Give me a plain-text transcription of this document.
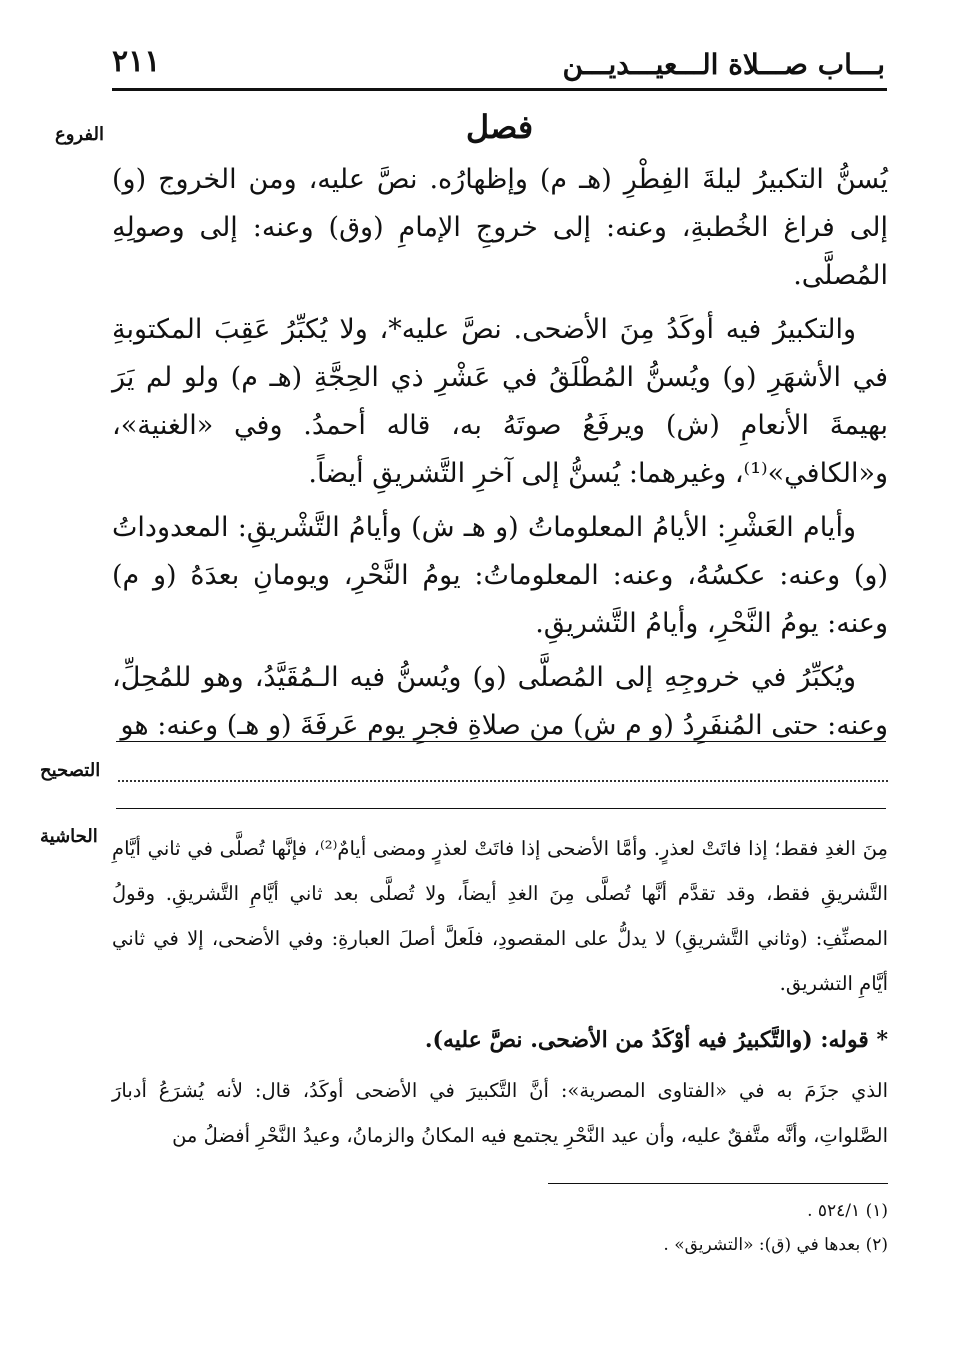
بـــاب صـــلاة الـــعيـــديـــن
٢١١
الفروع	فصل

يُسنُّ التكبيرُ ليلةَ الفِطْرِ (هـ م) وإظهارُه. نصَّ عليه، ومن الخروج (و) إلى فراغ الخُطبةِ، وعنه: إلى خروجِ الإمامِ (وق) وعنه: إلى وصولِهِ المُصلَّى.

والتكبيرُ فيه أوكَدُ مِنَ الأضحى. نصَّ عليه*، ولا يُكبِّرُ عَقِبَ المكتوبةِ في الأشهَرِ (و) ويُسنُّ المُطْلَقُ في عَشْرِ ذي الحِجَّةِ (هـ م) ولو لم يَرَ بهيمةَ الأنعامِ (ش) ويرفَعُ صوتَهُ به، قاله أحمدُ. وفي «الغنية»، و«الكافي»⁽¹⁾، وغيرهما: يُسنُّ إلى آخرِ التَّشريقِ أيضاً.

وأيام العَشْرِ: الأيامُ المعلوماتُ (و هـ ش) وأيامُ التَّشْريقِ: المعدوداتُ (و) وعنه: عكسُهُ، وعنه: المعلوماتُ: يومُ النَّحْرِ، ويومانِ بعدَهُ (و م) وعنه: يومُ النَّحْرِ، وأيامُ التَّشريقِ.

ويُكبِّرُ في خروجِهِ إلى المُصلَّى (و) ويُسنُّ فيه الـمُقَيَّدُ، وهو للمُحِلِّ، وعنه: حتى المُنفَرِدُ (و م ش) من صلاةِ فجرِ يوم عَرفَةَ (و هـ) وعنه: هو

التصحيح
الحاشية

مِنَ الغدِ فقط؛ إذا فاتَتْ لعذرٍ. وأمَّا الأضحى إذا فاتَتْ لعذرٍ ومضى أيامٌ⁽²⁾، فإنَّها تُصلَّى في ثاني أيَّامِ التَّشريقِ فقط، وقد تقدَّم أنَّها تُصلَّى مِنَ الغدِ أيضاً، ولا تُصلَّى بعد ثاني أيَّامِ التَّشريقِ. وقولُ المصنِّفِ: (وثاني التَّشريقِ) لا يدلُّ على المقصودِ، فلَعلَّ أصلَ العبارةِ: وفي الأضحى، إلا في ثاني أيَّامِ التشريق.

* قوله: (والتَّكبيرُ فيه أوْكَدُ من الأضحى. نصَّ عليه).
الذي جزَمَ به في «الفتاوى المصرية»: أنَّ التَّكبيرَ في الأضحى أوكَدُ، قال: لأنه يُشرَعُ أدبارَ الصَّلواتِ، وأنَّه متَّفقٌ عليه، وأن عيد النَّحْرِ يجتمع فيه المكانُ والزمانُ، وعيدُ النَّحْرِ أفضلُ من
(١) ٥٢٤/١ .
(٢) بعدها في (ق): «التشريق» .
